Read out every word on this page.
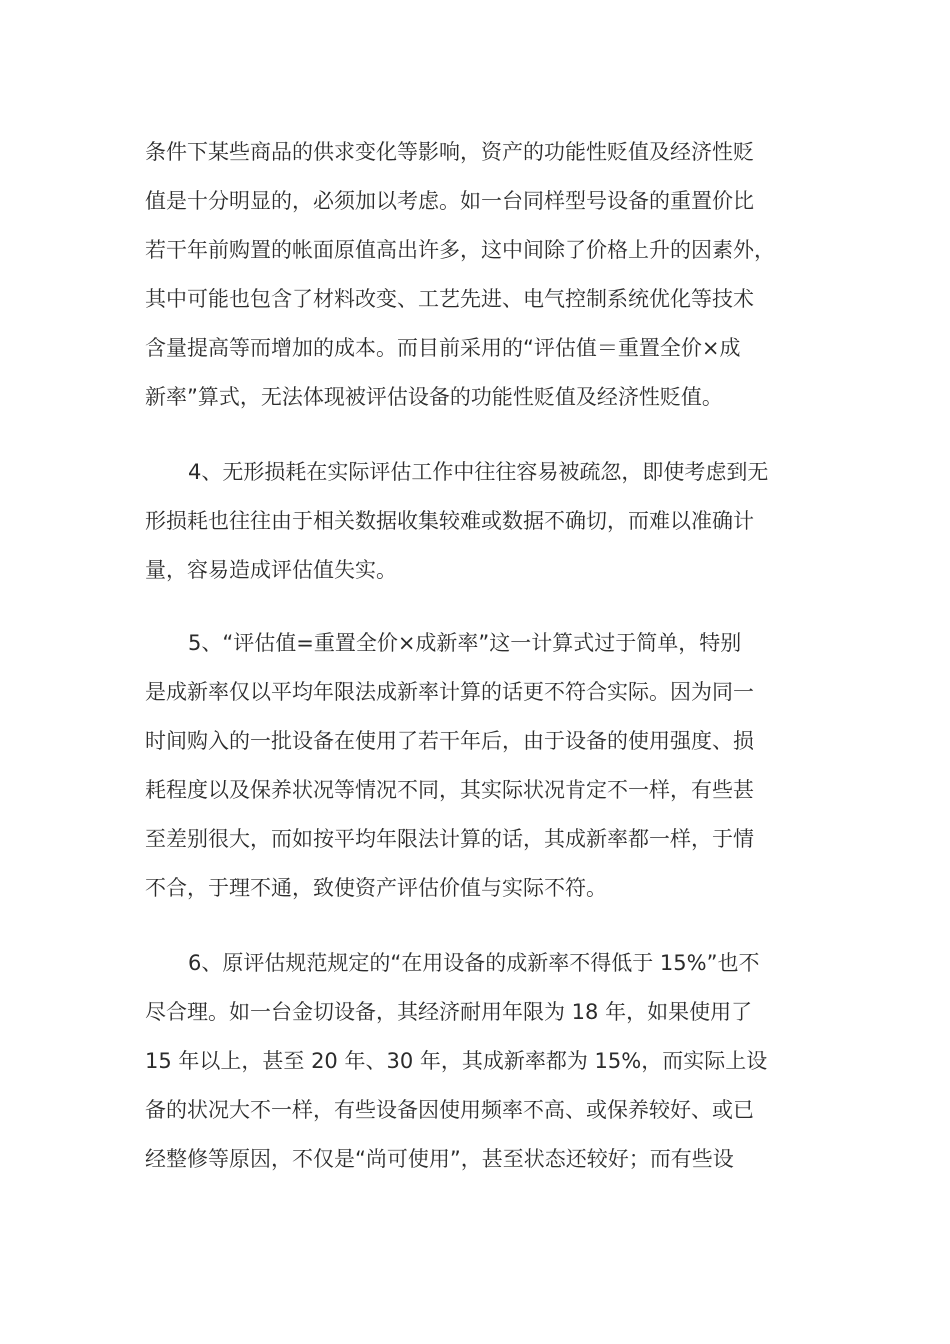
条件下某些商品的供求变化等影响，资产的功能性贬值及经济性贬
值是十分明显的，必须加以考虑。如一台同样型号设备的重置价比
若干年前购置的帐面原值高出许多，这中间除了价格上升的因素外，
其中可能也包含了材料改变、工艺先进、电气控制系统优化等技术
含量提高等而增加的成本。而目前采用的“评估值＝重置全价×成
新率”算式，无法体现被评估设备的功能性贬值及经济性贬值。
4、无形损耗在实际评估工作中往往容易被疏忽，即使考虑到无
形损耗也往往由于相关数据收集较难或数据不确切，而难以准确计
量，容易造成评估值失实。
5、“评估值=重置全价×成新率”这一计算式过于简单，特别
是成新率仅以平均年限法成新率计算的话更不符合实际。因为同一
时间购入的一批设备在使用了若干年后，由于设备的使用强度、损
耗程度以及保养状况等情况不同，其实际状况肯定不一样，有些甚
至差别很大，而如按平均年限法计算的话，其成新率都一样，于情
不合，于理不通，致使资产评估价值与实际不符。
6、原评估规范规定的“在用设备的成新率不得低于 15%”也不
尽合理。如一台金切设备，其经济耐用年限为 18 年，如果使用了
15 年以上，甚至 20 年、30 年，其成新率都为 15%，而实际上设
备的状况大不一样，有些设备因使用频率不高、或保养较好、或已
经整修等原因，不仅是“尚可使用”，甚至状态还较好；而有些设
